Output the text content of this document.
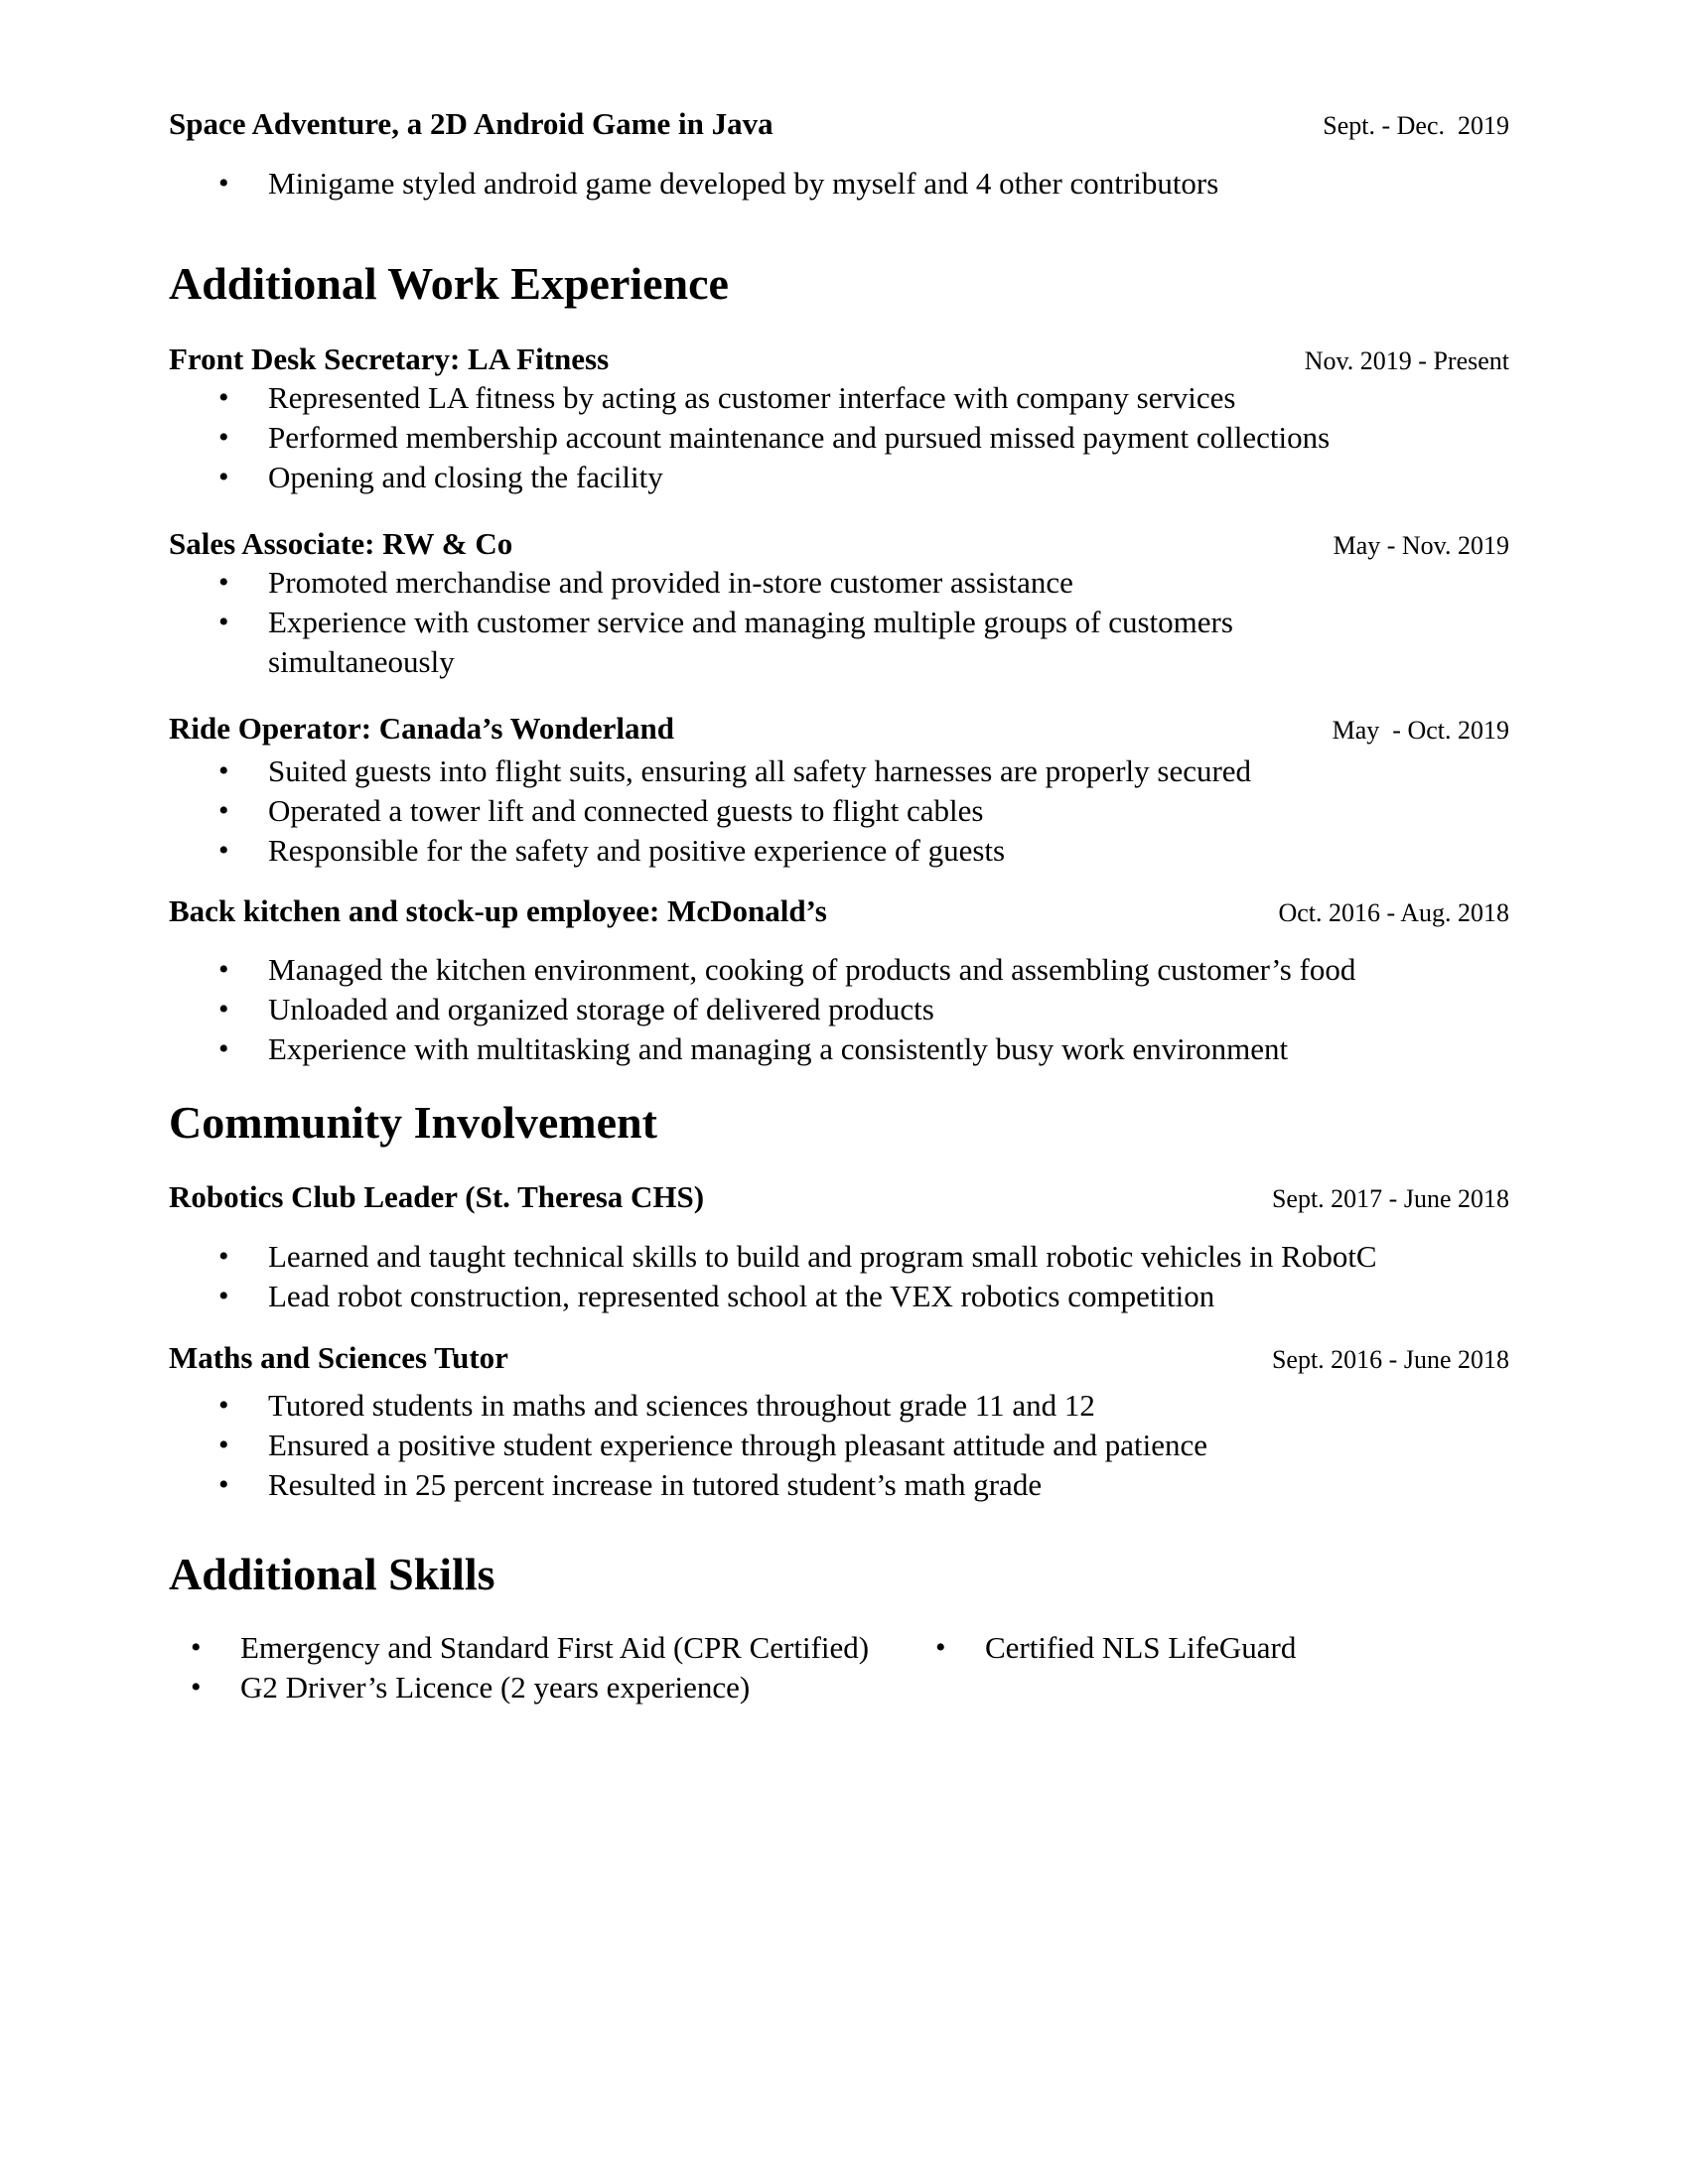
Space Adventure, a 2D Android Game in Java	Sept. - Dec.  2019
• Minigame styled android game developed by myself and 4 other contributors
Additional Work Experience
Front Desk Secretary: LA Fitness	Nov. 2019 - Present
• Represented LA fitness by acting as customer interface with company services
• Performed membership account maintenance and pursued missed payment collections
• Opening and closing the facility
Sales Associate: RW & Co	May - Nov. 2019
• Promoted merchandise and provided in-store customer assistance
• Experience with customer service and managing multiple groups of customers simultaneously
Ride Operator: Canada’s Wonderland	May  - Oct. 2019
• Suited guests into flight suits, ensuring all safety harnesses are properly secured
• Operated a tower lift and connected guests to flight cables
• Responsible for the safety and positive experience of guests
Back kitchen and stock-up employee: McDonald’s	Oct. 2016 - Aug. 2018
• Managed the kitchen environment, cooking of products and assembling customer’s food
• Unloaded and organized storage of delivered products
• Experience with multitasking and managing a consistently busy work environment
Community Involvement
Robotics Club Leader (St. Theresa CHS)	Sept. 2017 - June 2018
• Learned and taught technical skills to build and program small robotic vehicles in RobotC
• Lead robot construction, represented school at the VEX robotics competition
Maths and Sciences Tutor	Sept. 2016 - June 2018
• Tutored students in maths and sciences throughout grade 11 and 12
• Ensured a positive student experience through pleasant attitude and patience
• Resulted in 25 percent increase in tutored student’s math grade
Additional Skills
• Emergency and Standard First Aid (CPR Certified)
• G2 Driver’s Licence (2 years experience)
• Certified NLS LifeGuard
